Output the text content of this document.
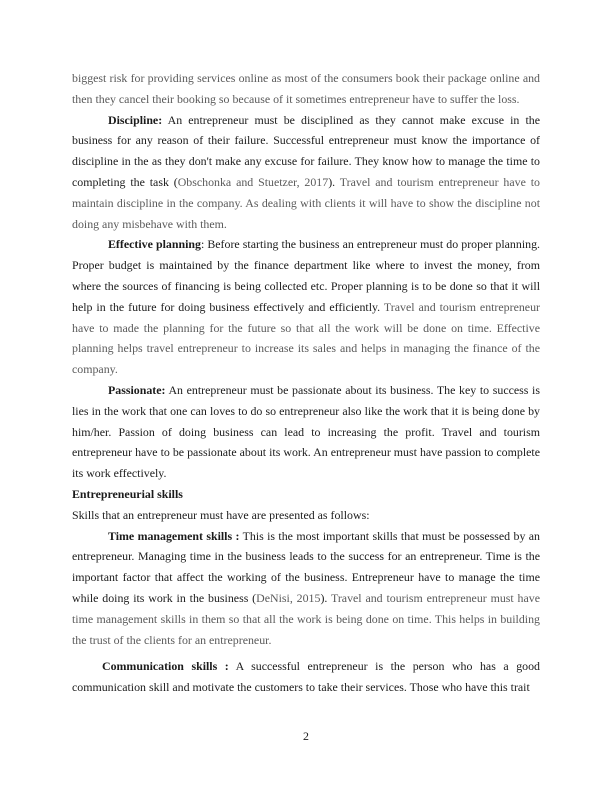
biggest risk for providing services online as most of the consumers book their package online and then they cancel their booking so because of it sometimes entrepreneur have to suffer the loss.

Discipline: An entrepreneur must be disciplined as they cannot make excuse in the business for any reason of their failure. Successful entrepreneur must know the importance of discipline in the as they don't make any excuse for failure. They know how to manage the time to completing the task (Obschonka and Stuetzer, 2017). Travel and tourism entrepreneur have to maintain discipline in the company. As dealing with clients it will have to show the discipline not doing any misbehave with them.

Effective planning: Before starting the business an entrepreneur must do proper planning. Proper budget is maintained by the finance department like where to invest the money, from where the sources of financing is being collected etc. Proper planning is to be done so that it will help in the future for doing business effectively and efficiently. Travel and tourism entrepreneur have to made the planning for the future so that all the work will be done on time. Effective planning helps travel entrepreneur to increase its sales and helps in managing the finance of the company.

Passionate: An entrepreneur must be passionate about its business. The key to success is lies in the work that one can loves to do so entrepreneur also like the work that it is being done by him/her. Passion of doing business can lead to increasing the profit. Travel and tourism entrepreneur have to be passionate about its work. An entrepreneur must have passion to complete its work effectively.

Entrepreneurial skills

Skills that an entrepreneur must have are presented as follows:

Time management skills : This is the most important skills that must be possessed by an entrepreneur. Managing time in the business leads to the success for an entrepreneur. Time is the important factor that affect the working of the business. Entrepreneur have to manage the time while doing its work in the business (DeNisi, 2015). Travel and tourism entrepreneur must have time management skills in them so that all the work is being done on time. This helps in building the trust of the clients for an entrepreneur.

Communication skills : A successful entrepreneur is the person who has a good communication skill and motivate the customers to take their services. Those who have this trait

2
